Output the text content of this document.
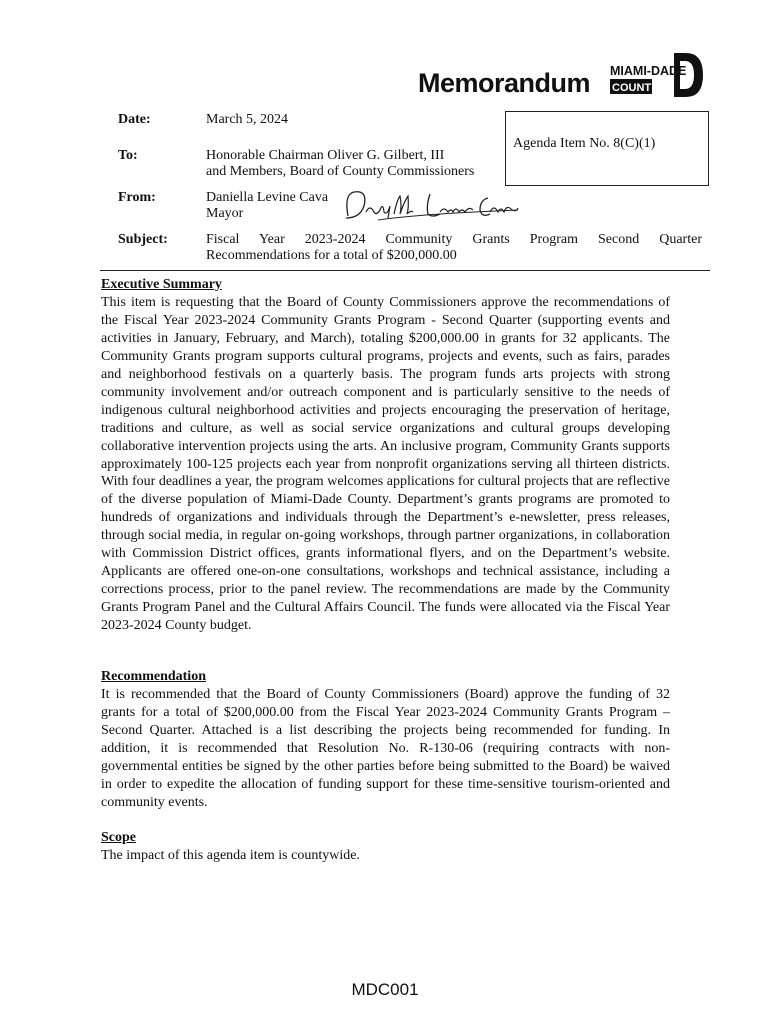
Memorandum MIAMI-DADE
COUNTY
Date:	March 5, 2024
Agenda Item No. 8(C)(1)
To:	Honorable Chairman Oliver G. Gilbert, III
and Members, Board of County Commissioners
From:	Daniella Levine Cava
Mayor
Subject:	Fiscal Year 2023-2024 Community Grants Program Second Quarter
Recommendations for a total of $200,000.00
Executive Summary
This item is requesting that the Board of County Commissioners approve the recommendations of the Fiscal Year 2023-2024 Community Grants Program - Second Quarter (supporting events and activities in January, February, and March), totaling $200,000.00 in grants for 32 applicants. The Community Grants program supports cultural programs, projects and events, such as fairs, parades and neighborhood festivals on a quarterly basis. The program funds arts projects with strong community involvement and/or outreach component and is particularly sensitive to the needs of indigenous cultural neighborhood activities and projects encouraging the preservation of heritage, traditions and culture, as well as social service organizations and cultural groups developing collaborative intervention projects using the arts. An inclusive program, Community Grants supports approximately 100-125 projects each year from nonprofit organizations serving all thirteen districts. With four deadlines a year, the program welcomes applications for cultural projects that are reflective of the diverse population of Miami-Dade County. Department’s grants programs are promoted to hundreds of organizations and individuals through the Department’s e-newsletter, press releases, through social media, in regular on-going workshops, through partner organizations, in collaboration with Commission District offices, grants informational flyers, and on the Department’s website. Applicants are offered one-on-one consultations, workshops and technical assistance, including a corrections process, prior to the panel review. The recommendations are made by the Community Grants Program Panel and the Cultural Affairs Council. The funds were allocated via the Fiscal Year 2023-2024 County budget.
Recommendation
It is recommended that the Board of County Commissioners (Board) approve the funding of 32 grants for a total of $200,000.00 from the Fiscal Year 2023-2024 Community Grants Program – Second Quarter. Attached is a list describing the projects being recommended for funding. In addition, it is recommended that Resolution No. R-130-06 (requiring contracts with non-governmental entities be signed by the other parties before being submitted to the Board) be waived in order to expedite the allocation of funding support for these time-sensitive tourism-oriented and community events.
Scope
The impact of this agenda item is countywide.
MDC001
